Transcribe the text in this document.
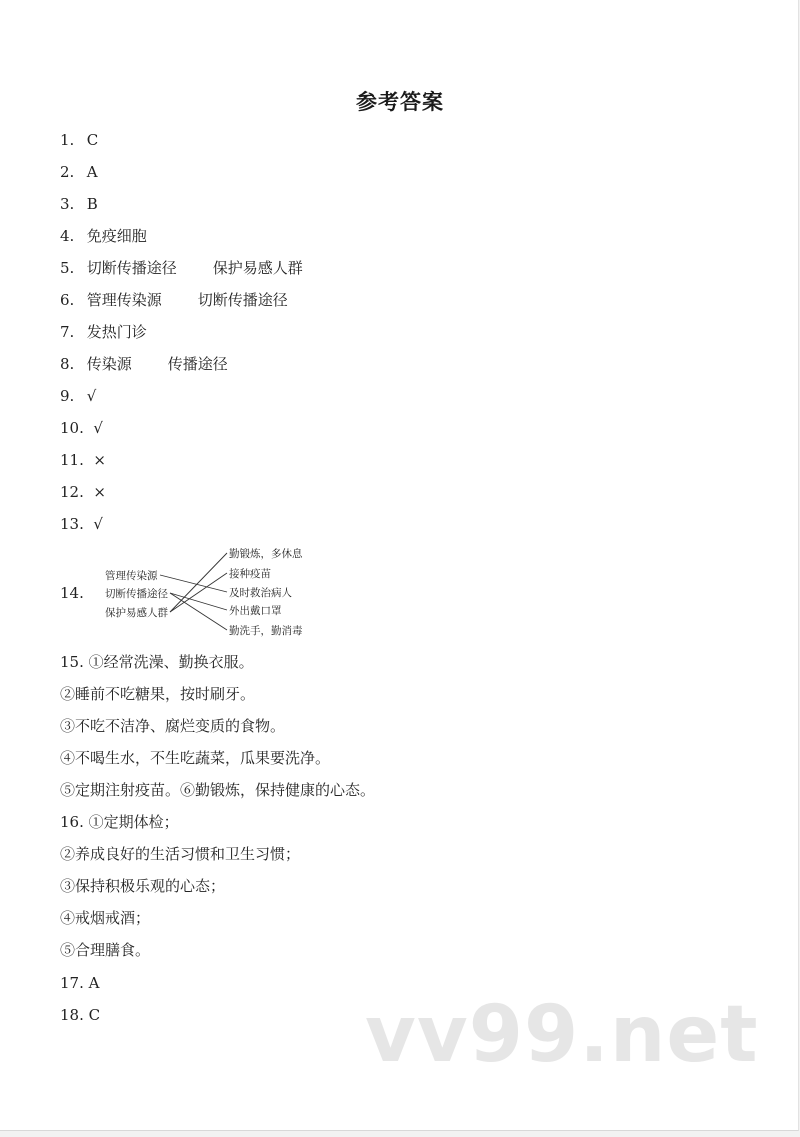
参考答案
1. C
2. A
3. B
4. 免疫细胞
5. 切断传播途径 保护易感人群
6. 管理传染源 切断传播途径
7. 发热门诊
8. 传染源 传播途径
9. √
10. √
11. ×
12. ×
13. √
14.
管理传染源
切断传播途径
保护易感人群
勤锻炼，多休息
接种疫苗
及时救治病人
外出戴口罩
勤洗手，勤消毒
15. ①经常洗澡、勤换衣服。
②睡前不吃糖果，按时刷牙。
③不吃不洁净、腐烂变质的食物。
④不喝生水，不生吃蔬菜，瓜果要洗净。
⑤定期注射疫苗。⑥勤锻炼，保持健康的心态。
16. ①定期体检；
②养成良好的生活习惯和卫生习惯；
③保持积极乐观的心态；
④戒烟戒酒；
⑤合理膳食。
17. A
18. C	vv99.net
